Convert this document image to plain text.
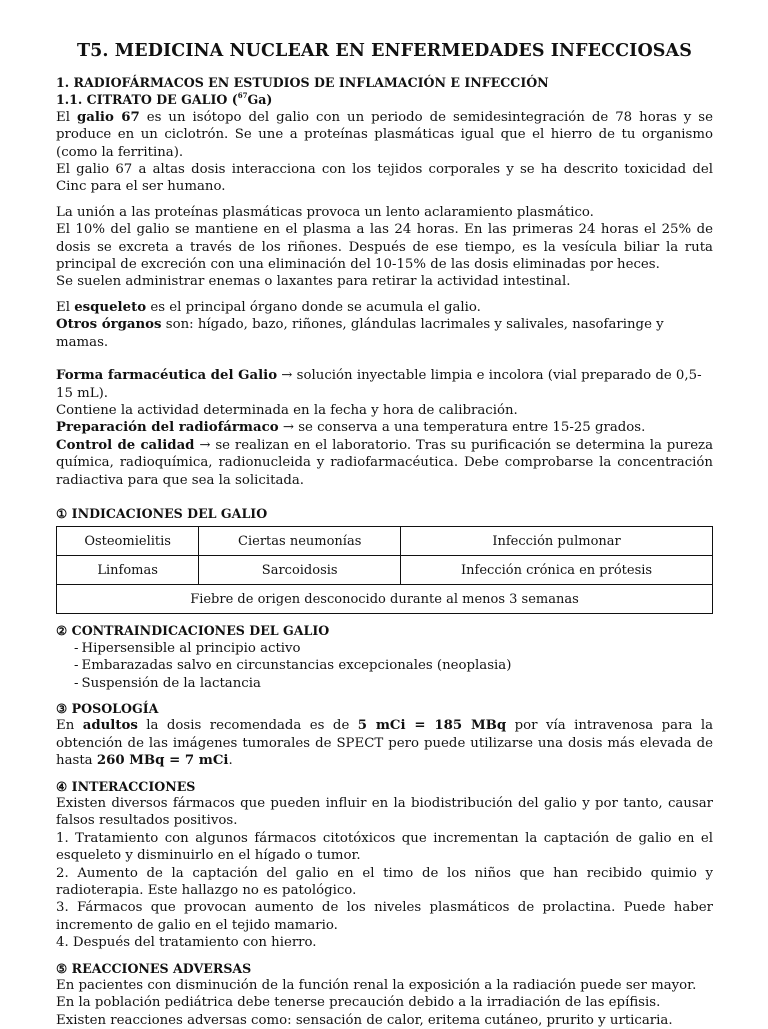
T5. MEDICINA NUCLEAR EN ENFERMEDADES INFECCIOSAS
1. RADIOFÁRMACOS EN ESTUDIOS DE INFLAMACIÓN E INFECCIÓN
1.1. CITRATO DE GALIO ($^{67}$Ga)

El galio 67 es un isótopo del galio con un periodo de semidesintegración de 78 horas y se produce en un ciclotrón. Se une a proteínas plasmáticas igual que el hierro de tu organismo (como la ferritina).

El galio 67 a altas dosis interacciona con los tejidos corporales y se ha descrito toxicidad del Cinc para el ser humano.

La unión a las proteínas plasmáticas provoca un lento aclaramiento plasmático.

El 10% del galio se mantiene en el plasma a las 24 horas. En las primeras 24 horas el 25% de dosis se excreta a través de los riñones. Después de ese tiempo, es la vesícula biliar la ruta principal de excreción con una eliminación del 10-15% de las dosis eliminadas por heces.

Se suelen administrar enemas o laxantes para retirar la actividad intestinal.

El esqueleto es el principal órgano donde se acumula el galio.

Otros órganos son: hígado, bazo, riñones, glándulas lacrimales y salivales, nasofaringe y mamas.

Forma farmacéutica del Galio → solución inyectable limpia e incolora (vial preparado de 0,5-15 mL).

Contiene la actividad determinada en la fecha y hora de calibración.

Preparación del radiofármaco → se conserva a una temperatura entre 15-25 grados.

Control de calidad → se realizan en el laboratorio. Tras su purificación se determina la pureza química, radioquímica, radionucleida y radiofarmacéutica. Debe comprobarse la concentración radiactiva para que sea la solicitada.

① INDICACIONES DEL GALIO
Osteomielitis	Ciertas neumonías	Infección pulmonar
Linfomas	Sarcoidosis	Infección crónica en prótesis
Fiebre de origen desconocido durante al menos 3 semanas		
② CONTRAINDICACIONES DEL GALIO
- Hipersensible al principio activo
- Embarazadas salvo en circunstancias excepcionales (neoplasia)
- Suspensión de la lactancia
③ POSOLOGÍA

En adultos la dosis recomendada es de 5 mCi = 185 MBq por vía intravenosa para la obtención de las imágenes tumorales de SPECT pero puede utilizarse una dosis más elevada de hasta 260 MBq = 7 mCi.

④ INTERACCIONES

Existen diversos fármacos que pueden influir en la biodistribución del galio y por tanto, causar falsos resultados positivos.

1. Tratamiento con algunos fármacos citotóxicos que incrementan la captación de galio en el esqueleto y disminuirlo en el hígado o tumor.

2. Aumento de la captación del galio en el timo de los niños que han recibido quimio y radioterapia. Este hallazgo no es patológico.

3. Fármacos que provocan aumento de los niveles plasmáticos de prolactina. Puede haber incremento de galio en el tejido mamario.

4. Después del tratamiento con hierro.

⑤ REACCIONES ADVERSAS

En pacientes con disminución de la función renal la exposición a la radiación puede ser mayor.

En la población pediátrica debe tenerse precaución debido a la irradiación de las epífisis.

Existen reacciones adversas como: sensación de calor, eritema cutáneo, prurito y urticaria.
